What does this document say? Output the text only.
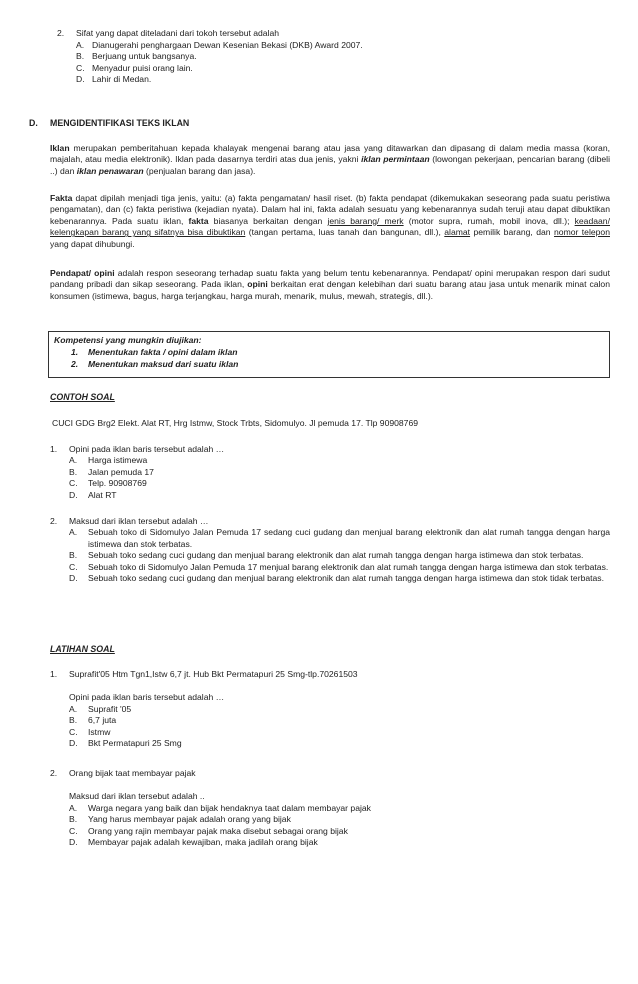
2. Sifat yang dapat diteladani dari tokoh tersebut adalah
A. Dianugerahi penghargaan Dewan Kesenian Bekasi (DKB) Award 2007.
B. Berjuang untuk bangsanya.
C. Menyadur puisi orang lain.
D. Lahir di Medan.
D. MENGIDENTIFIKASI TEKS IKLAN
Iklan merupakan pemberitahuan kepada khalayak mengenai barang atau jasa yang ditawarkan dan dipasang di dalam media massa (koran, majalah, atau media elektronik). Iklan pada dasarnya terdiri atas dua jenis, yakni iklan permintaan (lowongan pekerjaan, pencarian barang (dibeli ..) dan iklan penawaran (penjualan barang dan jasa).
Fakta dapat dipilah menjadi tiga jenis, yaitu: (a) fakta pengamatan/ hasil riset. (b) fakta pendapat (dikemukakan seseorang pada suatu peristiwa pengamatan), dan (c) fakta peristiwa (kejadian nyata). Dalam hal ini, fakta adalah sesuatu yang kebenarannya sudah teruji atau dapat dibuktikan kebenarannya. Pada suatu iklan, fakta biasanya berkaitan dengan jenis barang/ merk (motor supra, rumah, mobil inova, dll.); keadaan/ kelengkapan barang yang sifatnya bisa dibuktikan (tangan pertama, luas tanah dan bangunan, dll.), alamat pemilik barang, dan nomor telepon yang dapat dihubungi.
Pendapat/ opini adalah respon seseorang terhadap suatu fakta yang belum tentu kebenarannya. Pendapat/ opini merupakan respon dari sudut pandang pribadi dan sikap seseorang. Pada iklan, opini berkaitan erat dengan kelebihan dari suatu barang atau jasa untuk menarik minat calon konsumen (istimewa, bagus, harga terjangkau, harga murah, menarik, mulus, mewah, strategis, dll.).
Kompetensi yang mungkin diujikan:
1. Menentukan fakta / opini dalam iklan
2. Menentukan maksud dari suatu iklan
CONTOH SOAL
CUCI GDG Brg2 Elekt. Alat RT, Hrg Istmw, Stock Trbts, Sidomulyo. Jl pemuda 17. Tlp 90908769
1. Opini pada iklan baris tersebut adalah …
A. Harga istimewa
B. Jalan pemuda 17
C. Telp. 90908769
D. Alat RT
2. Maksud dari iklan tersebut adalah …
A.	Sebuah toko di Sidomulyo Jalan Pemuda 17 sedang cuci gudang dan menjual barang elektronik dan alat rumah tangga dengan harga istimewa dan stok terbatas.
B.	Sebuah toko sedang cuci gudang dan menjual barang elektronik dan alat rumah tangga dengan harga istimewa dan stok terbatas.
C.	Sebuah toko di Sidomulyo Jalan Pemuda 17 menjual barang elektronik dan alat rumah tangga dengan harga istimewa dan stok terbatas.
D.	Sebuah toko sedang cuci gudang dan menjual barang elektronik dan alat rumah tangga dengan harga istimewa dan stok tidak terbatas.
LATIHAN SOAL
1. Suprafit'05 Htm Tgn1,Istw 6,7 jt. Hub Bkt Permatapuri 25 Smg-tlp.70261503
Opini pada iklan baris tersebut adalah …
A. Suprafit '05
B. 6,7 juta
C. Istmw
D. Bkt Permatapuri 25 Smg
2. Orang bijak taat membayar pajak
Maksud dari iklan tersebut adalah ..
A. Warga negara yang baik dan bijak hendaknya taat dalam membayar pajak
B. Yang harus membayar pajak adalah orang yang bijak
C. Orang yang rajin membayar pajak maka disebut sebagai orang bijak
D. Membayar pajak adalah kewajiban, maka jadilah orang bijak
